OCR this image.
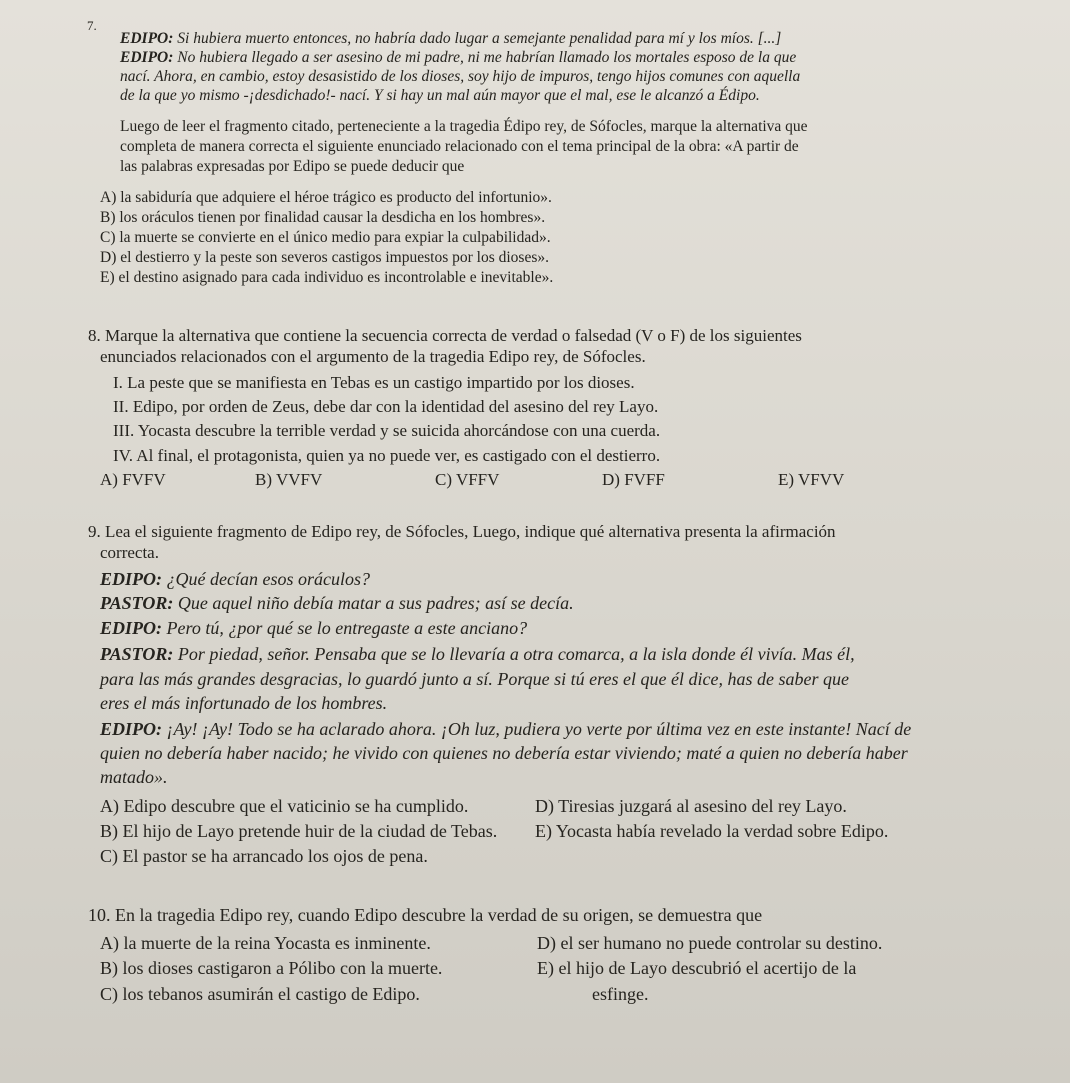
7.
EDIPO: Si hubiera muerto entonces, no habría dado lugar a semejante penalidad para mí y los míos. [...]
EDIPO: No hubiera llegado a ser asesino de mi padre, ni me habrían llamado los mortales esposo de la que
nací. Ahora, en cambio, estoy desasistido de los dioses, soy hijo de impuros, tengo hijos comunes con aquella
de la que yo mismo -¡desdichado!- nací. Y si hay un mal aún mayor que el mal, ese le alcanzó a Édipo.
Luego de leer el fragmento citado, perteneciente a la tragedia Édipo rey, de Sófocles, marque la alternativa que
completa de manera correcta el siguiente enunciado relacionado con el tema principal de la obra: «A partir de
las palabras expresadas por Edipo se puede deducir que
A) la sabiduría que adquiere el héroe trágico es producto del infortunio».
B) los oráculos tienen por finalidad causar la desdicha en los hombres».
C) la muerte se convierte en el único medio para expiar la culpabilidad».
D) el destierro y la peste son severos castigos impuestos por los dioses».
E) el destino asignado para cada individuo es incontrolable e inevitable».
8. Marque la alternativa que contiene la secuencia correcta de verdad o falsedad (V o F) de los siguientes
enunciados relacionados con el argumento de la tragedia Edipo rey, de Sófocles.
I. La peste que se manifiesta en Tebas es un castigo impartido por los dioses.
II. Edipo, por orden de Zeus, debe dar con la identidad del asesino del rey Layo.
III. Yocasta descubre la terrible verdad y se suicida ahorcándose con una cuerda.
IV. Al final, el protagonista, quien ya no puede ver, es castigado con el destierro.
A) FVFV	B) VVFV	C) VFFV	D) FVFF	E) VFVV
9. Lea el siguiente fragmento de Edipo rey, de Sófocles, Luego, indique qué alternativa presenta la afirmación
correcta.
EDIPO: ¿Qué decían esos oráculos?
PASTOR: Que aquel niño debía matar a sus padres; así se decía.
EDIPO: Pero tú, ¿por qué se lo entregaste a este anciano?
PASTOR: Por piedad, señor. Pensaba que se lo llevaría a otra comarca, a la isla donde él vivía. Mas él,
para las más grandes desgracias, lo guardó junto a sí. Porque si tú eres el que él dice, has de saber que
eres el más infortunado de los hombres.
EDIPO: ¡Ay! ¡Ay! Todo se ha aclarado ahora. ¡Oh luz, pudiera yo verte por última vez en este instante! Nací de
quien no debería haber nacido; he vivido con quienes no debería estar viviendo; maté a quien no debería haber
matado».
A) Edipo descubre que el vaticinio se ha cumplido.
B) El hijo de Layo pretende huir de la ciudad de Tebas.
C) El pastor se ha arrancado los ojos de pena.
D) Tiresias juzgará al asesino del rey Layo.
E) Yocasta había revelado la verdad sobre Edipo.
10. En la tragedia Edipo rey, cuando Edipo descubre la verdad de su origen, se demuestra que
A) la muerte de la reina Yocasta es inminente.
B) los dioses castigaron a Pólibo con la muerte.
C) los tebanos asumirán el castigo de Edipo.
D) el ser humano no puede controlar su destino.
E) el hijo de Layo descubrió el acertijo de la
esfinge.
